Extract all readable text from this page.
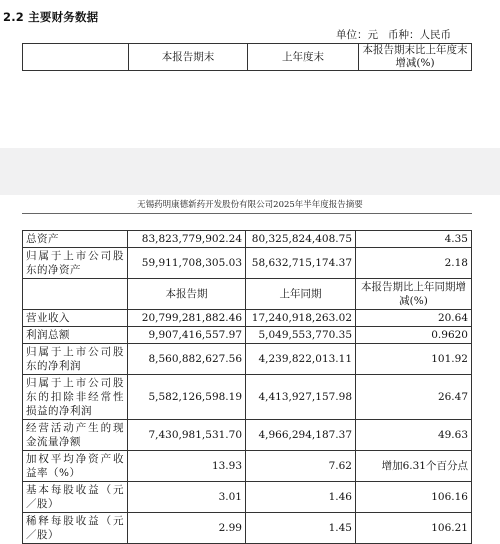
2.2 主要财务数据
单位：元 币种：人民币
	本报告期末	上年度末	本报告期末比上年度末增减(%)
无锡药明康德新药开发股份有限公司2025年半年度报告摘要
总资产	83,823,779,902.24	80,325,824,408.75	4.35
归属于上市公司股东的净资产	59,911,708,305.03	58,632,715,174.37	2.18
	本报告期	上年同期	本报告期比上年同期增减(%)
营业收入	20,799,281,882.46	17,240,918,263.02	20.64
利润总额	9,907,416,557.97	5,049,553,770.35	0.9620
归属于上市公司股东的净利润	8,560,882,627.56	4,239,822,013.11	101.92
归属于上市公司股东的扣除非经常性损益的净利润	5,582,126,598.19	4,413,927,157.98	26.47
经营活动产生的现金流量净额	7,430,981,531.70	4,966,294,187.37	49.63
加权平均净资产收益率（%）	13.93	7.62	增加6.31个百分点
基本每股收益（元／股）	3.01	1.46	106.16
稀释每股收益（元／股）	2.99	1.45	106.21
